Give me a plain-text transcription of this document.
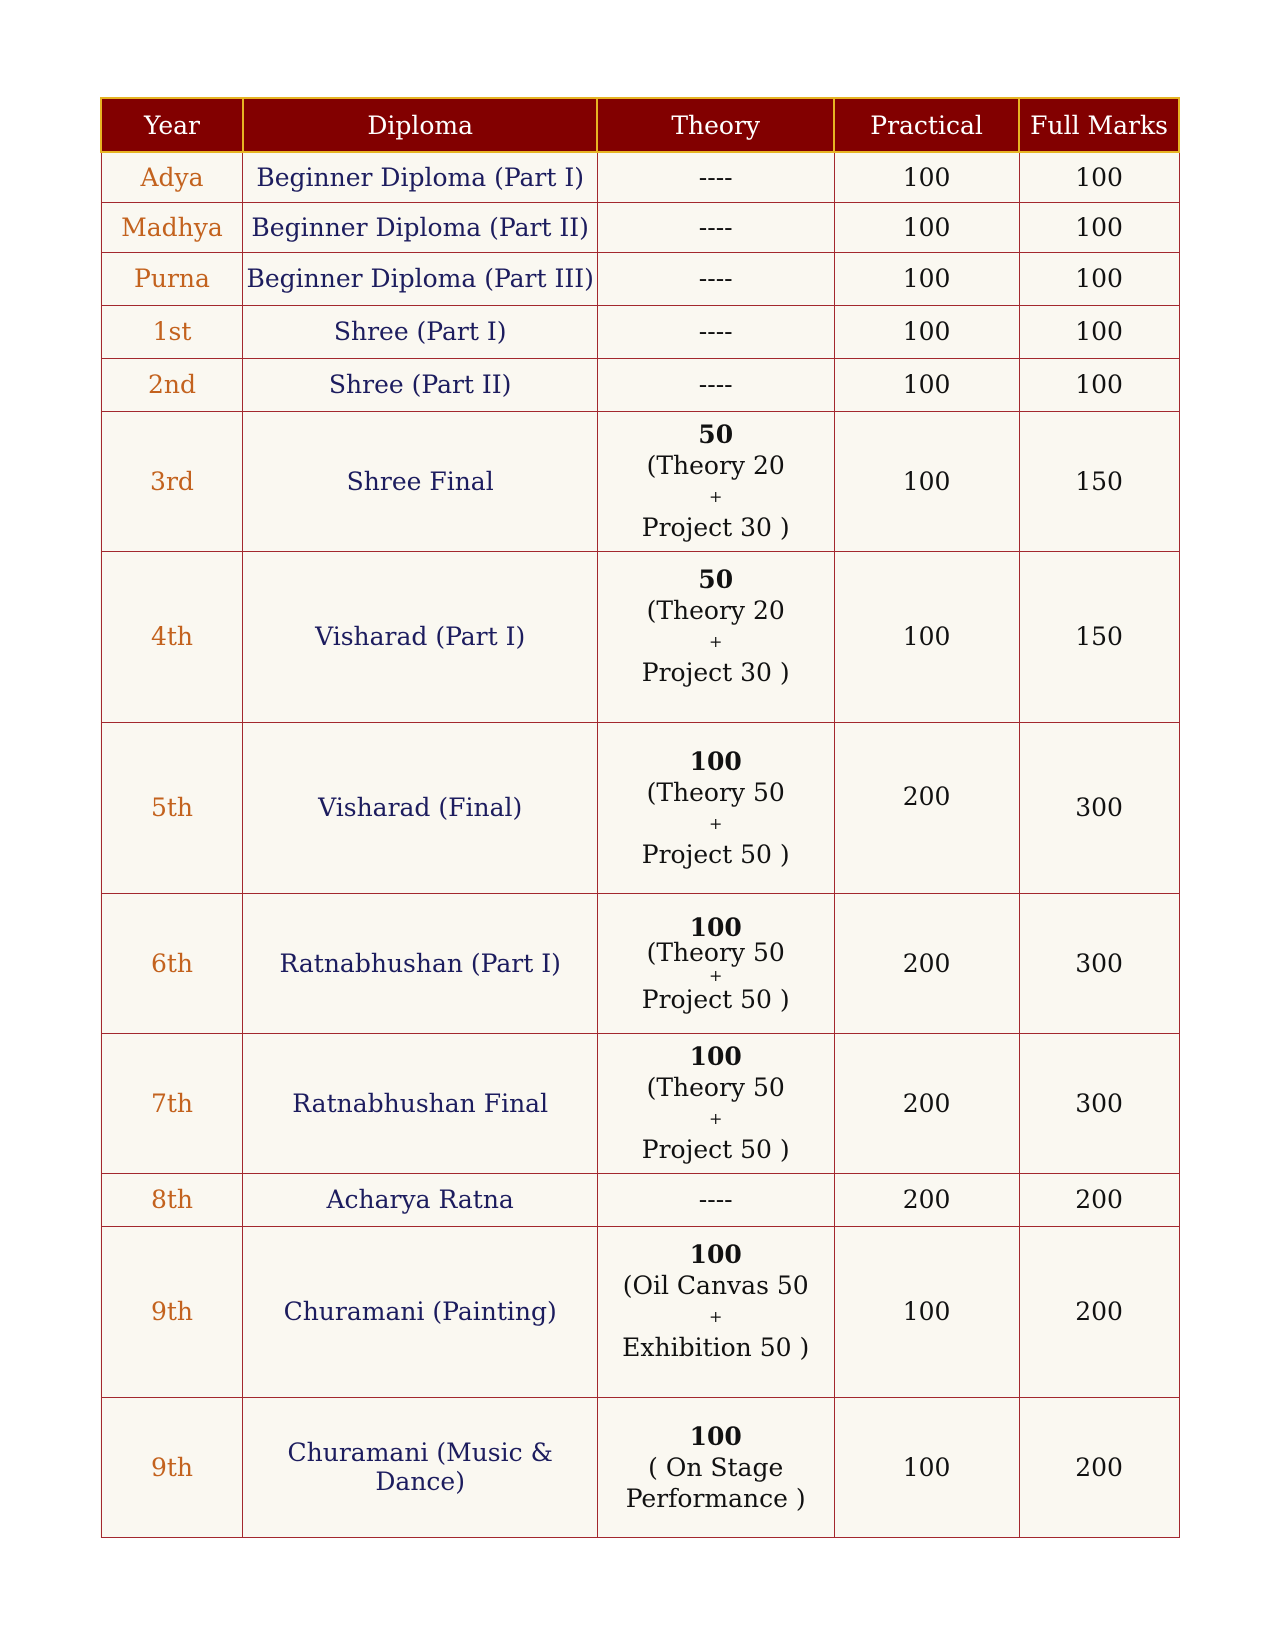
Year	Diploma	Theory	Practical	Full Marks
Adya	Beginner Diploma (Part I)	----	100	100
Madhya	Beginner Diploma (Part II)	----	100	100
Purna	Beginner Diploma (Part III)	----	100	100
1st	Shree (Part I)	----	100	100
2nd	Shree (Part II)	----	100	100
3rd	Shree Final	50
(Theory 20
+
Project 30 )	100	150
4th	Visharad (Part I)	50
(Theory 20
+
Project 30 )	100	150
5th	Visharad (Final)	100
(Theory 50
+
Project 50 )	200	300
6th	Ratnabhushan (Part I)	100
(Theory 50
+
Project 50 )	200	300
7th	Ratnabhushan Final	100
(Theory 50
+
Project 50 )	200	300
8th	Acharya Ratna	----	200	200
9th	Churamani (Painting)	100
(Oil Canvas 50
+
Exhibition 50 )	100	200
9th	Churamani (Music & Dance)	100
( On Stage
Performance )	100	200
